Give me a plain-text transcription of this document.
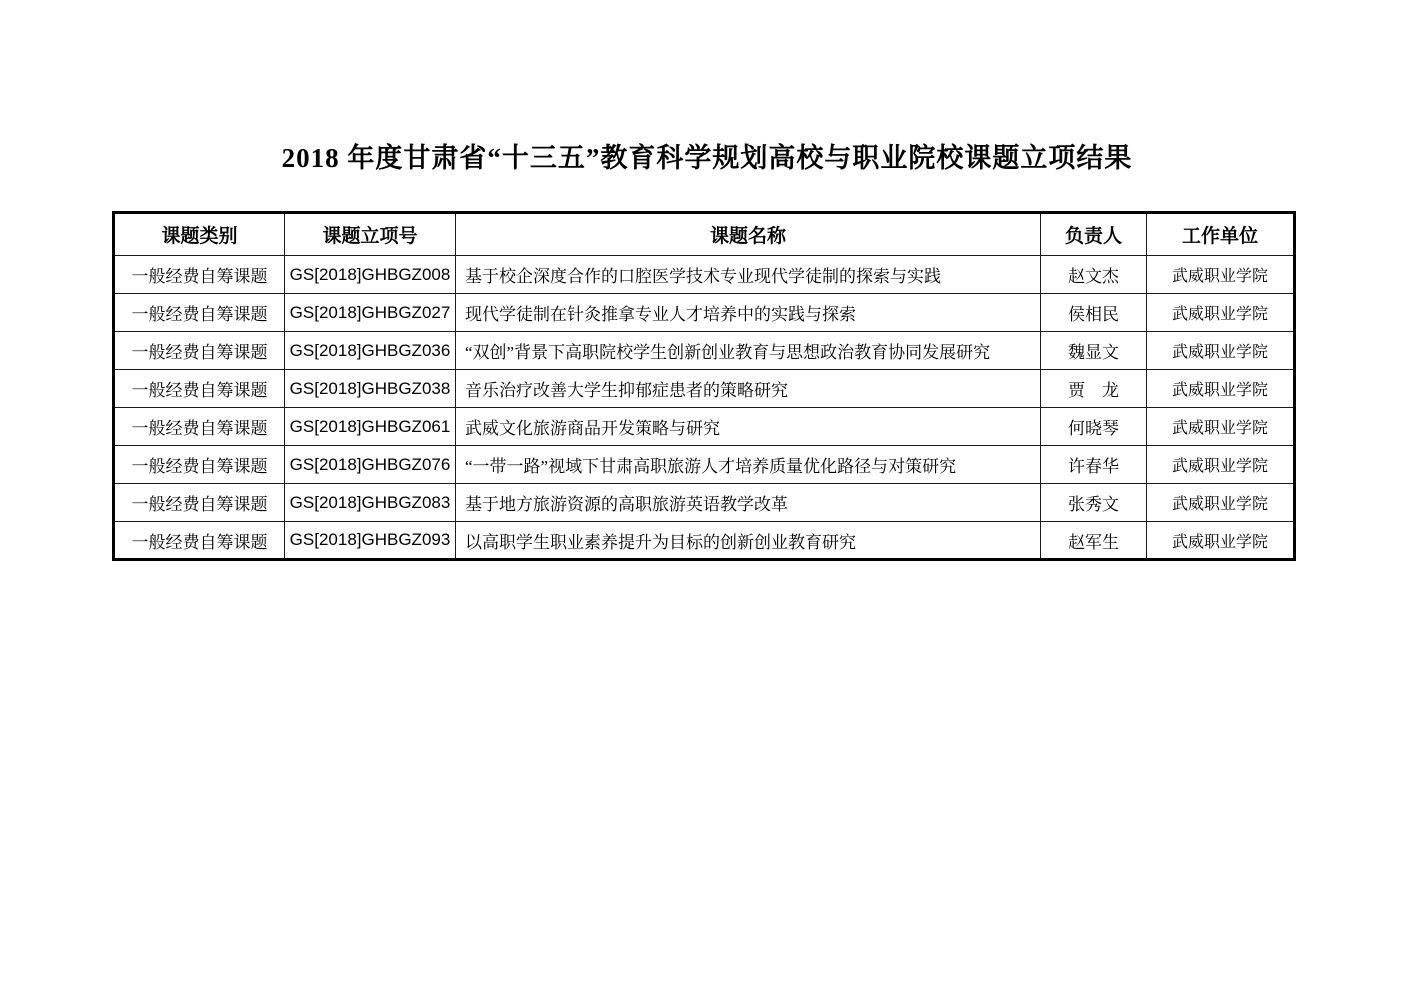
2018 年度甘肃省“十三五”教育科学规划高校与职业院校课题立项结果
课题类别	课题立项号	课题名称	负责人	工作单位
一般经费自筹课题	GS[2018]GHBGZ008	基于校企深度合作的口腔医学技术专业现代学徒制的探索与实践	赵文杰	武威职业学院
一般经费自筹课题	GS[2018]GHBGZ027	现代学徒制在针灸推拿专业人才培养中的实践与探索	侯相民	武威职业学院
一般经费自筹课题	GS[2018]GHBGZ036	“双创”背景下高职院校学生创新创业教育与思想政治教育协同发展研究	魏显文	武威职业学院
一般经费自筹课题	GS[2018]GHBGZ038	音乐治疗改善大学生抑郁症患者的策略研究	贾　龙	武威职业学院
一般经费自筹课题	GS[2018]GHBGZ061	武威文化旅游商品开发策略与研究	何晓琴	武威职业学院
一般经费自筹课题	GS[2018]GHBGZ076	“一带一路”视域下甘肃高职旅游人才培养质量优化路径与对策研究	许春华	武威职业学院
一般经费自筹课题	GS[2018]GHBGZ083	基于地方旅游资源的高职旅游英语教学改革	张秀文	武威职业学院
一般经费自筹课题	GS[2018]GHBGZ093	以高职学生职业素养提升为目标的创新创业教育研究	赵军生	武威职业学院
